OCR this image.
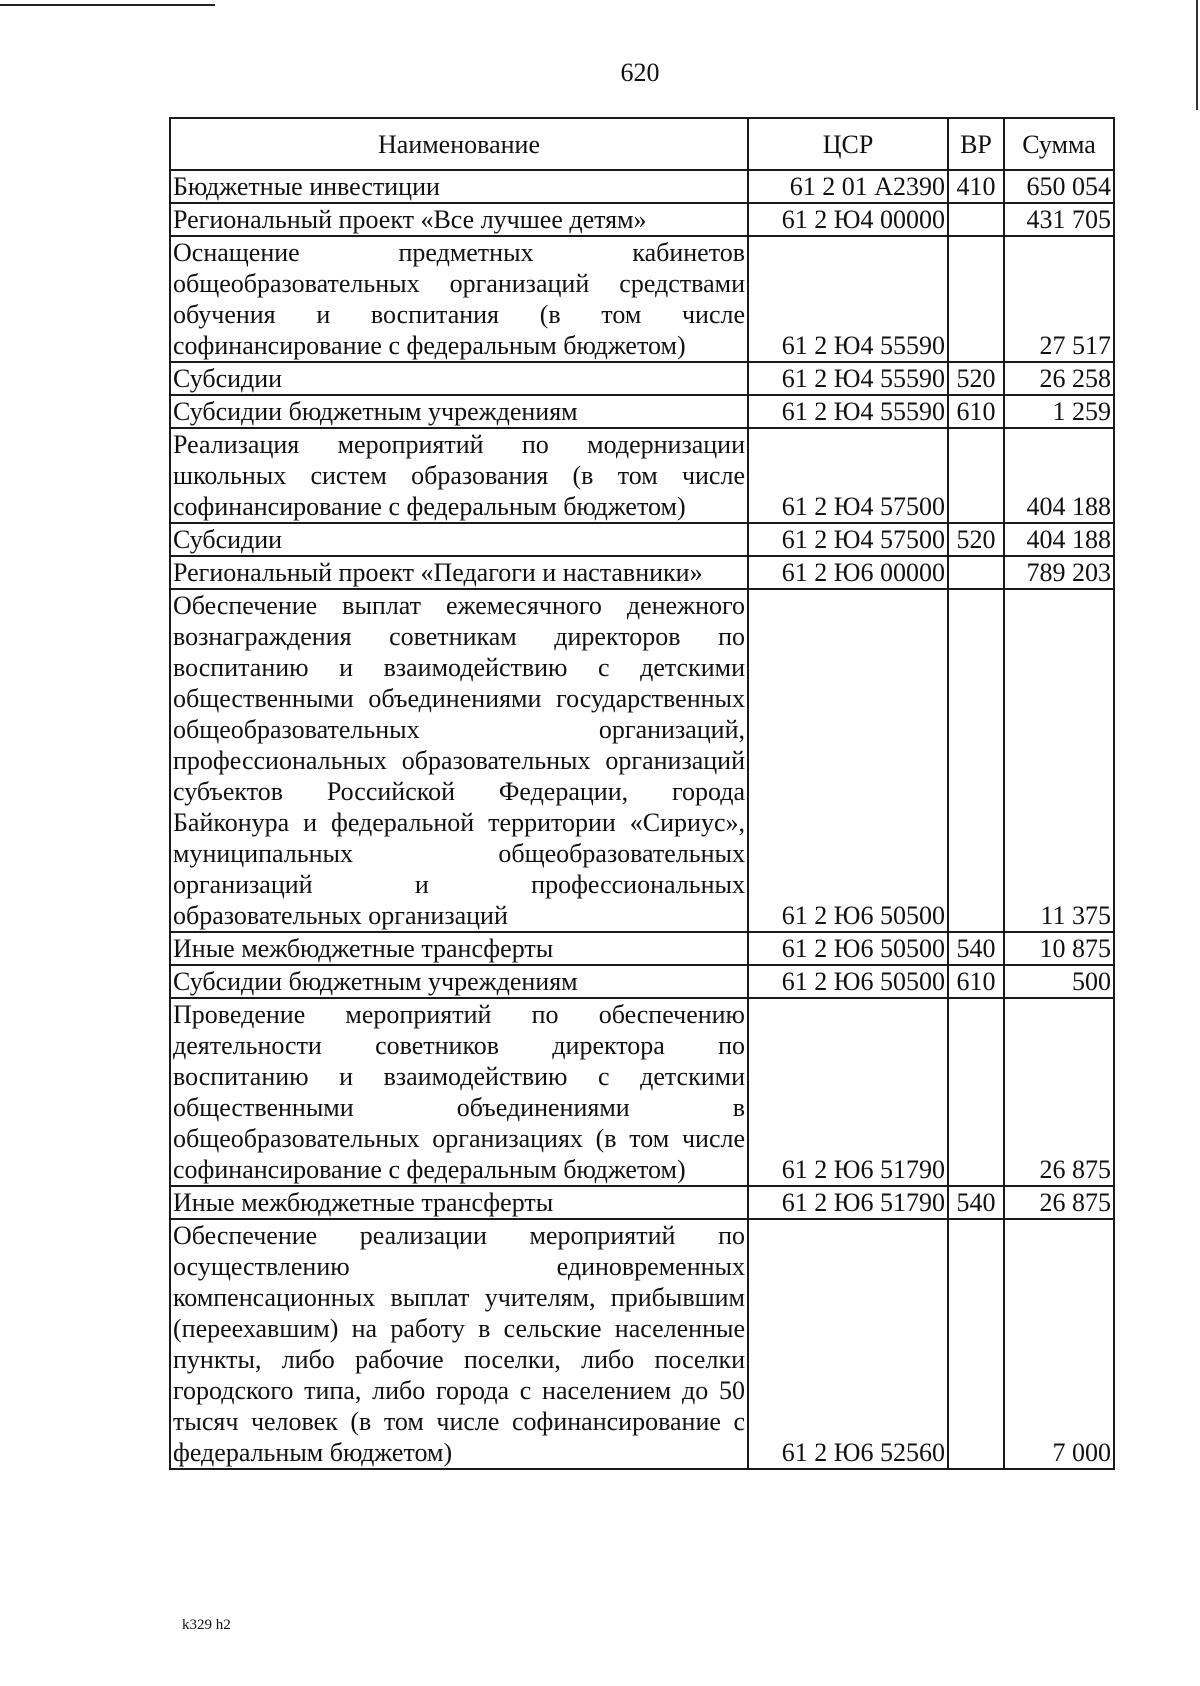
620
Наименование	ЦСР	ВР	Сумма
Бюджетные инвестиции	61 2 01 А2390	410	650 054
Региональный проект «Все лучшее детям»	61 2 Ю4 00000		431 705
Оснащение предметных кабинетов общеобразовательных организаций средствами обучения и воспитания (в том числе софинансирование с федеральным бюджетом)	61 2 Ю4 55590		27 517
Субсидии	61 2 Ю4 55590	520	26 258
Субсидии бюджетным учреждениям	61 2 Ю4 55590	610	1 259
Реализация мероприятий по модернизации школьных систем образования (в том числе софинансирование с федеральным бюджетом)	61 2 Ю4 57500		404 188
Субсидии	61 2 Ю4 57500	520	404 188
Региональный проект «Педагоги и наставники»	61 2 Ю6 00000		789 203
Обеспечение выплат ежемесячного денежного вознаграждения советникам директоров по воспитанию и взаимодействию с детскими общественными объединениями государственных общеобразовательных организаций, профессиональных образовательных организаций субъектов Российской Федерации, города Байконура и федеральной территории «Сириус», муниципальных общеобразовательных организаций и профессиональных образовательных организаций	61 2 Ю6 50500		11 375
Иные межбюджетные трансферты	61 2 Ю6 50500	540	10 875
Субсидии бюджетным учреждениям	61 2 Ю6 50500	610	500
Проведение мероприятий по обеспечению деятельности советников директора по воспитанию и взаимодействию с детскими общественными объединениями в общеобразовательных организациях (в том числе софинансирование с федеральным бюджетом)	61 2 Ю6 51790		26 875
Иные межбюджетные трансферты	61 2 Ю6 51790	540	26 875
Обеспечение реализации мероприятий по осуществлению единовременных компенсационных выплат учителям, прибывшим (переехавшим) на работу в сельские населенные пункты, либо рабочие поселки, либо поселки городского типа, либо города с населением до 50 тысяч человек (в том числе софинансирование с федеральным бюджетом)	61 2 Ю6 52560		7 000
k329 h2
